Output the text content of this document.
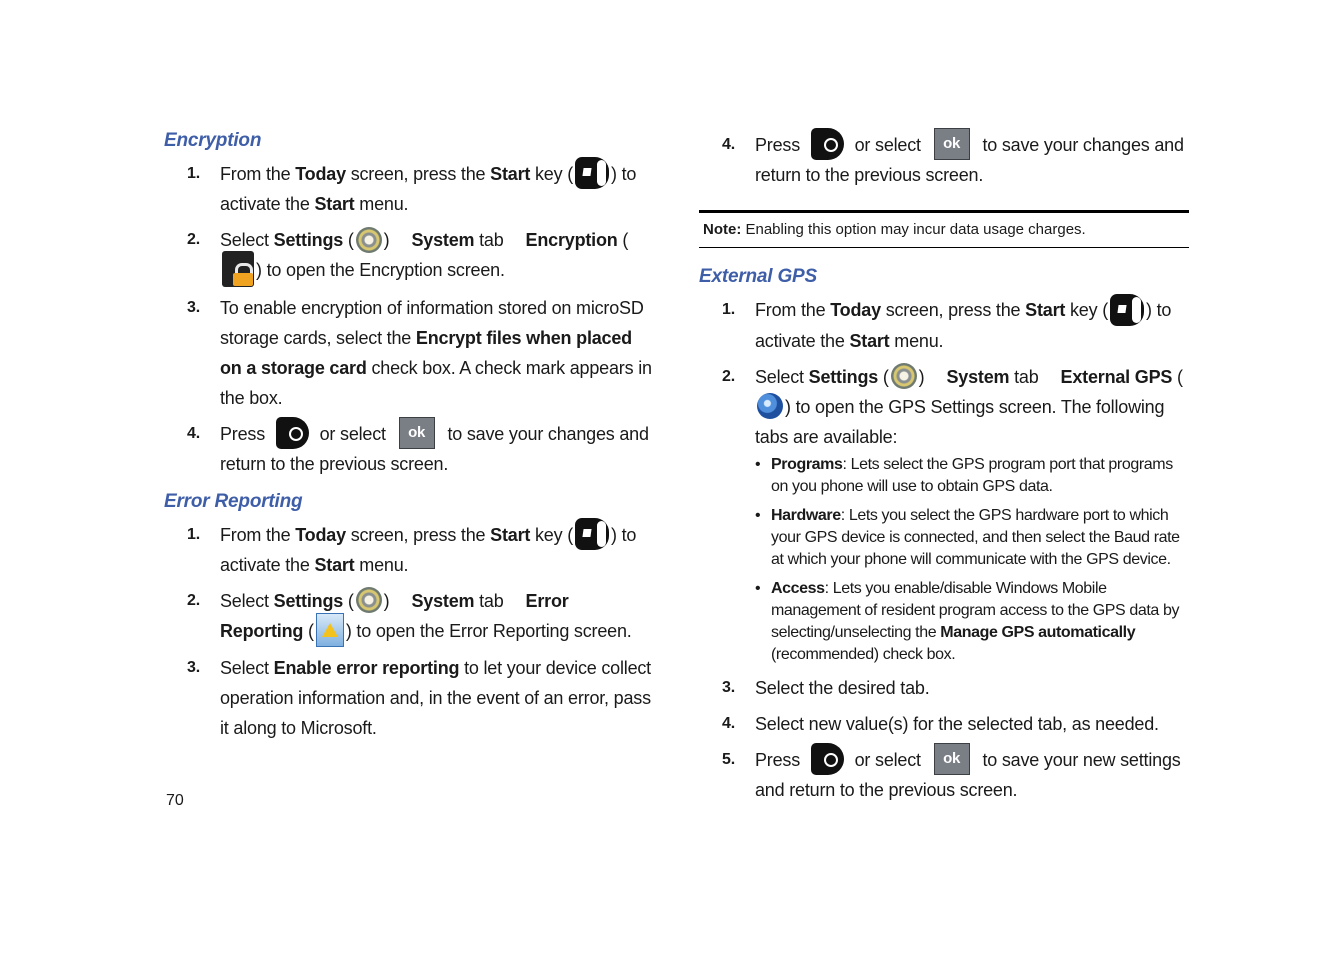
Encryption
1. From the Today screen, press the Start key ( ) to activate the Start menu.
2. Select Settings ( ) System tab Encryption () to open the Encryption screen.
3. To enable encryption of information stored on microSD storage cards, select the Encrypt files when placed on a storage card check box. A check mark appears in the box.
4. Press	or select ok to save your changes and return to the previous screen.
Error Reporting
1. From the Today screen, press the Start key ( ) to activate the Start menu.
2. Select Settings ( ) System tab Error Reporting ( ) to open the Error Reporting screen.
3. Select Enable error reporting to let your device collect operation information and, in the event of an error, pass it along to Microsoft.
70
4. Press	or select ok to save your changes and return to the previous screen.
Note: Enabling this option may incur data usage charges.
External GPS
1. From the Today screen, press the Start key ( ) to activate the Start menu.
2. Select Settings ( ) System tab External GPS () to open the GPS Settings screen. The following tabs are available:
• Programs: Lets select the GPS program port that programs on you phone will use to obtain GPS data.
• Hardware: Lets you select the GPS hardware port to which your GPS device is connected, and then select the Baud rate at which your phone will communicate with the GPS device.
• Access: Lets you enable/disable Windows Mobile management of resident program access to the GPS data by selecting/unselecting the Manage GPS automatically (recommended) check box.
3. Select the desired tab.
4. Select new value(s) for the selected tab, as needed.
5. Press	or select ok to save your new settings and return to the previous screen.
